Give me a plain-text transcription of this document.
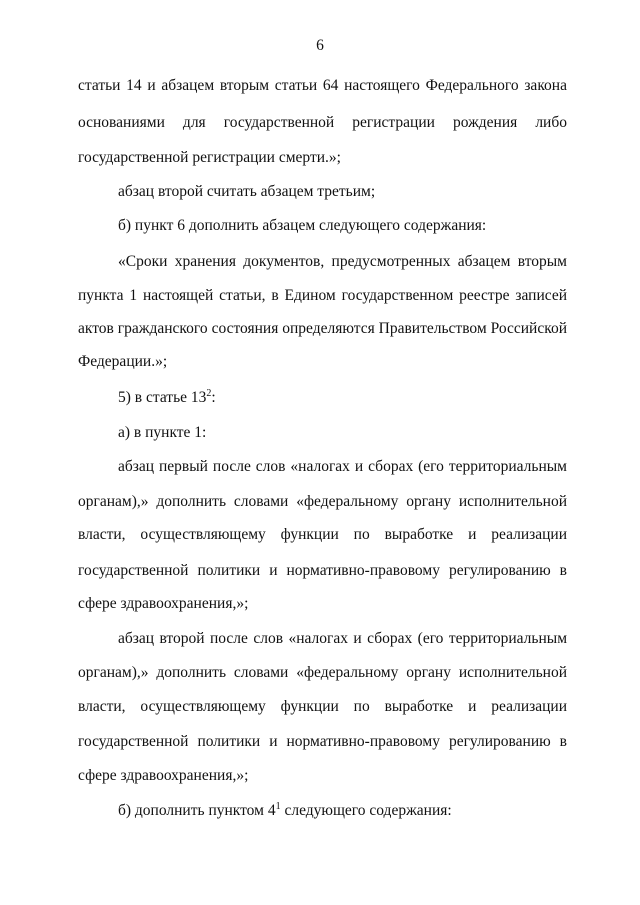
6
статьи 14 и абзацем вторым статьи 64 настоящего Федерального закона
основаниями для государственной регистрации рождения либо
государственной регистрации смерти.»;
абзац второй считать абзацем третьим;
б) пункт 6 дополнить абзацем следующего содержания:
«Сроки хранения документов, предусмотренных абзацем вторым
пункта 1 настоящей статьи, в Едином государственном реестре записей
актов гражданского состояния определяются Правительством Российской
Федерации.»;
5) в статье $13^2$:
а) в пункте 1:
абзац первый после слов «налогах и сборах (его территориальным
органам),» дополнить словами «федеральному органу исполнительной
власти, осуществляющему функции по выработке и реализации
государственной политики и нормативно-правовому регулированию в
сфере здравоохранения,»;
абзац второй после слов «налогах и сборах (его территориальным
органам),» дополнить словами «федеральному органу исполнительной
власти, осуществляющему функции по выработке и реализации
государственной политики и нормативно-правовому регулированию в
сфере здравоохранения,»;
б) дополнить пунктом $4^1$ следующего содержания:
